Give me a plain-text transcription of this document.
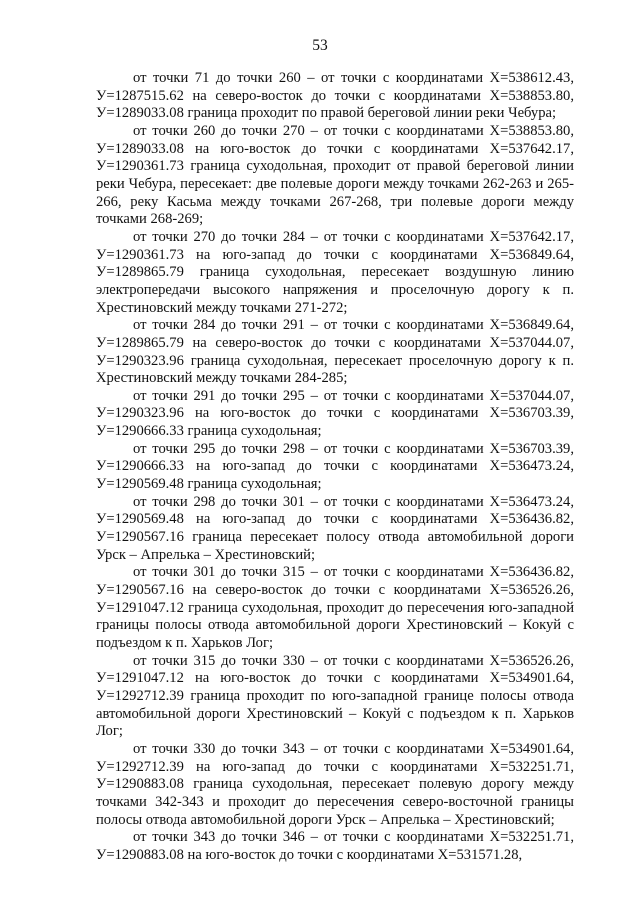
53

от точки 71 до точки 260 – от точки с координатами Х=538612.43, У=1287515.62 на северо-восток до точки с координатами Х=538853.80, У=1289033.08 граница проходит по правой береговой линии реки Чебура;

от точки 260 до точки 270 – от точки с координатами Х=538853.80, У=1289033.08 на юго-восток до точки с координатами Х=537642.17, У=1290361.73 граница суходольная, проходит от правой береговой линии реки Чебура, пересекает: две полевые дороги между точками 262-263 и 265-266, реку Касьма между точками 267-268, три полевые дороги между точками 268-269;

от точки 270 до точки 284 – от точки с координатами Х=537642.17, У=1290361.73 на юго-запад до точки с координатами Х=536849.64, У=1289865.79 граница суходольная, пересекает воздушную линию электропередачи высокого напряжения и проселочную дорогу к п. Хрестиновский между точками 271-272;

от точки 284 до точки 291 – от точки с координатами Х=536849.64, У=1289865.79 на северо-восток до точки с координатами Х=537044.07, У=1290323.96 граница суходольная, пересекает проселочную дорогу к п. Хрестиновский между точками 284-285;

от точки 291 до точки 295 – от точки с координатами Х=537044.07, У=1290323.96 на юго-восток до точки с координатами Х=536703.39, У=1290666.33 граница суходольная;

от точки 295 до точки 298 – от точки с координатами Х=536703.39, У=1290666.33 на юго-запад до точки с координатами Х=536473.24, У=1290569.48 граница суходольная;

от точки 298 до точки 301 – от точки с координатами Х=536473.24, У=1290569.48 на юго-запад до точки с координатами Х=536436.82, У=1290567.16 граница пересекает полосу отвода автомобильной дороги Урск – Апрелька – Хрестиновский;

от точки 301 до точки 315 – от точки с координатами Х=536436.82, У=1290567.16 на северо-восток до точки с координатами Х=536526.26, У=1291047.12 граница суходольная, проходит до пересечения юго-западной границы полосы отвода автомобильной дороги Хрестиновский – Кокуй с подъездом к п. Харьков Лог;

от точки 315 до точки 330 – от точки с координатами Х=536526.26, У=1291047.12 на юго-восток до точки с координатами Х=534901.64, У=1292712.39 граница проходит по юго-западной границе полосы отвода автомобильной дороги Хрестиновский – Кокуй с подъездом к п. Харьков Лог;

от точки 330 до точки 343 – от точки с координатами Х=534901.64, У=1292712.39 на юго-запад до точки с координатами Х=532251.71, У=1290883.08 граница суходольная, пересекает полевую дорогу между точками 342-343 и проходит до пересечения северо-восточной границы полосы отвода автомобильной дороги Урск – Апрелька – Хрестиновский;

от точки 343 до точки 346 – от точки с координатами Х=532251.71, У=1290883.08 на юго-восток до точки с координатами Х=531571.28,
